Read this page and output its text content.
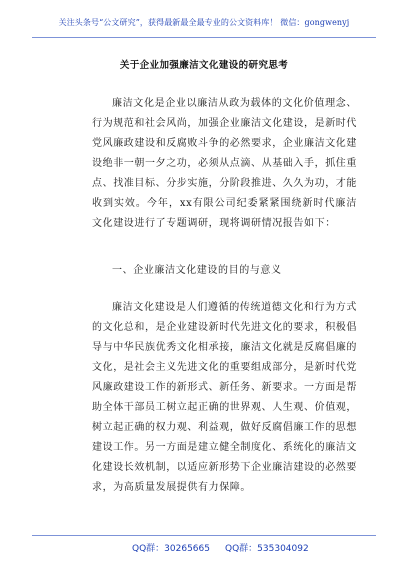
关注头条号“公文研究”，获得最新最全最专业的公文资料库！ 微信：gongwenyj
关于企业加强廉洁文化建设的研究思考

廉洁文化是企业以廉洁从政为载体的文化价值理念、行为规范和社会风尚，加强企业廉洁文化建设，是新时代党风廉政建设和反腐败斗争的必然要求，企业廉洁文化建设绝非一朝一夕之功，必须从点滴、从基础入手，抓住重点、找准目标、分步实施，分阶段推进、久久为功，才能收到实效。今年，xx有限公司纪委紧紧围绕新时代廉洁文化建设进行了专题调研，现将调研情况报告如下：

一、企业廉洁文化建设的目的与意义

廉洁文化建设是人们遵循的传统道德文化和行为方式的文化总和，是企业建设新时代先进文化的要求，积极倡导与中华民族优秀文化相承接，廉洁文化就是反腐倡廉的文化，是社会主义先进文化的重要组成部分，是新时代党风廉政建设工作的新形式、新任务、新要求。一方面是帮助全体干部员工树立起正确的世界观、人生观、价值观，树立起正确的权力观、利益观，做好反腐倡廉工作的思想建设工作。另一方面是建立健全制度化、系统化的廉洁文化建设长效机制，以适应新形势下企业廉洁建设的必然要求，为高质量发展提供有力保障。

QQ群：30265665 QQ群：535304092
